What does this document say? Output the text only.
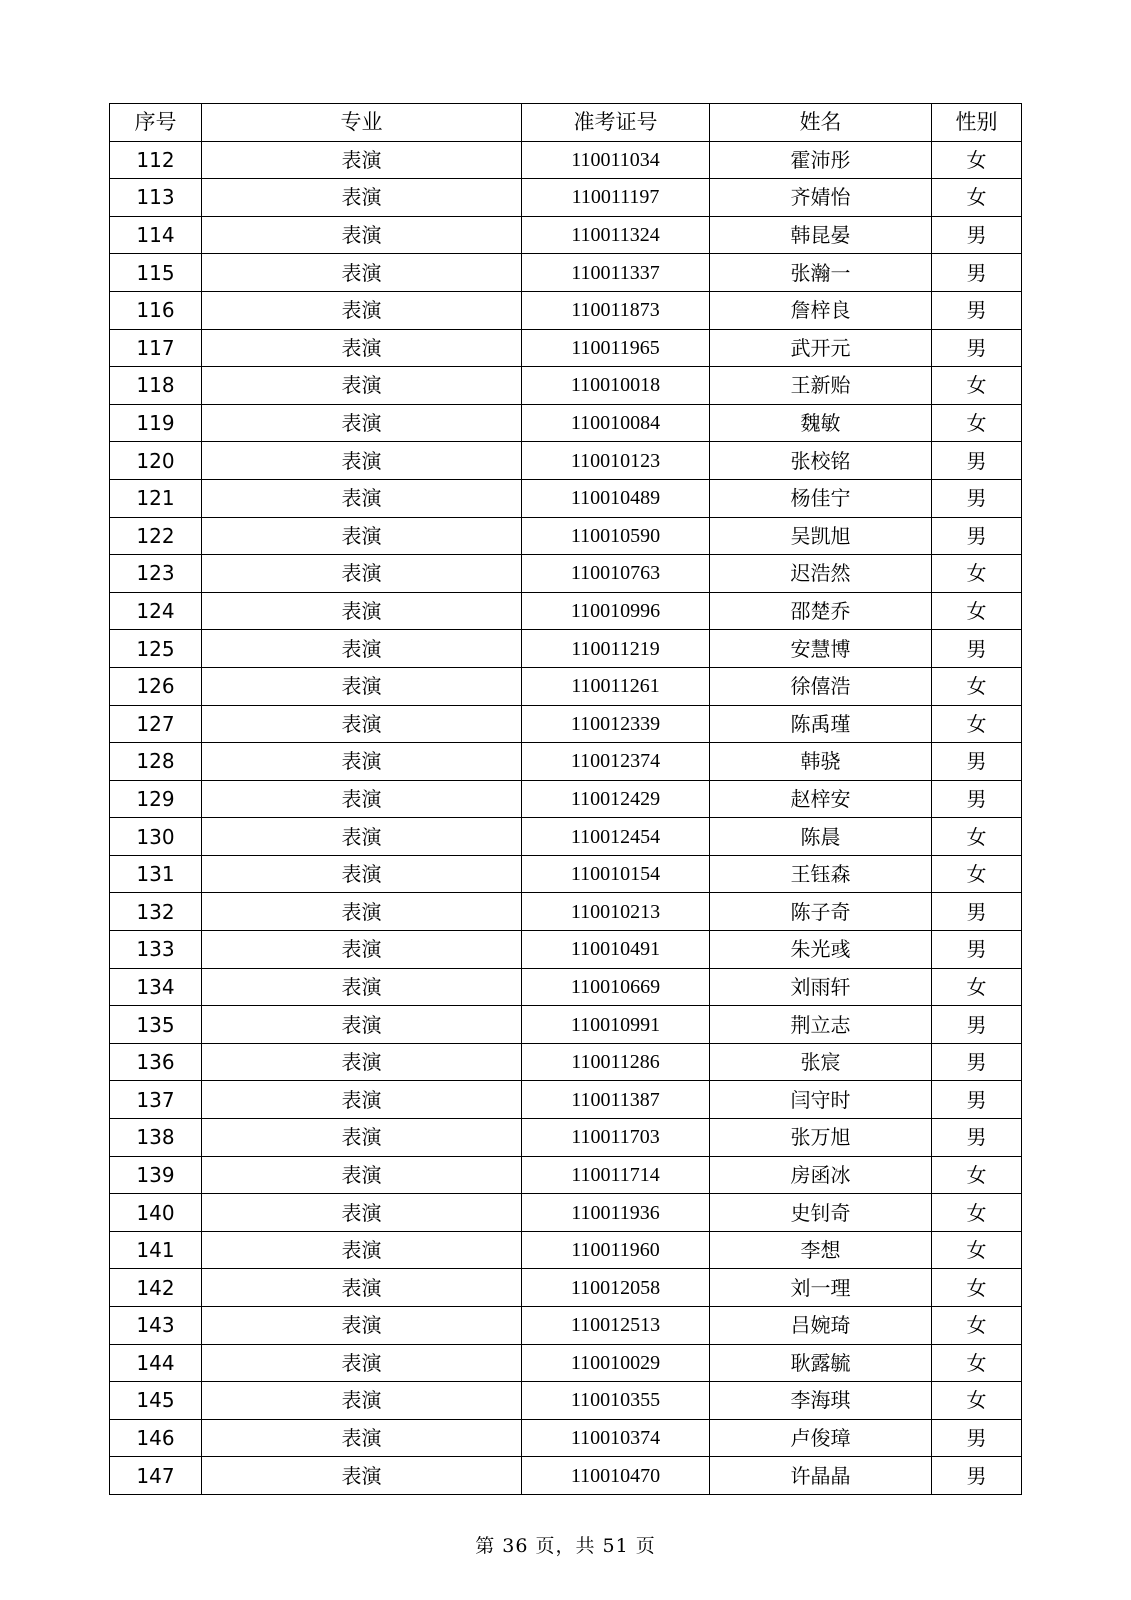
序号	专业	准考证号	姓名	性别
112	表演	110011034	霍沛彤	女
113	表演	110011197	齐婧怡	女
114	表演	110011324	韩昆晏	男
115	表演	110011337	张瀚一	男
116	表演	110011873	詹梓良	男
117	表演	110011965	武开元	男
118	表演	110010018	王新贻	女
119	表演	110010084	魏敏	女
120	表演	110010123	张校铭	男
121	表演	110010489	杨佳宁	男
122	表演	110010590	吴凯旭	男
123	表演	110010763	迟浩然	女
124	表演	110010996	邵楚乔	女
125	表演	110011219	安慧博	男
126	表演	110011261	徐僖浩	女
127	表演	110012339	陈禹瑾	女
128	表演	110012374	韩骁	男
129	表演	110012429	赵梓安	男
130	表演	110012454	陈晨	女
131	表演	110010154	王钰森	女
132	表演	110010213	陈子奇	男
133	表演	110010491	朱光彧	男
134	表演	110010669	刘雨轩	女
135	表演	110010991	荆立志	男
136	表演	110011286	张宸	男
137	表演	110011387	闫守时	男
138	表演	110011703	张万旭	男
139	表演	110011714	房函冰	女
140	表演	110011936	史钊奇	女
141	表演	110011960	李想	女
142	表演	110012058	刘一理	女
143	表演	110012513	吕婉琦	女
144	表演	110010029	耿露毓	女
145	表演	110010355	李海琪	女
146	表演	110010374	卢俊璋	男
147	表演	110010470	许晶晶	男
第 36 页，共 51 页
